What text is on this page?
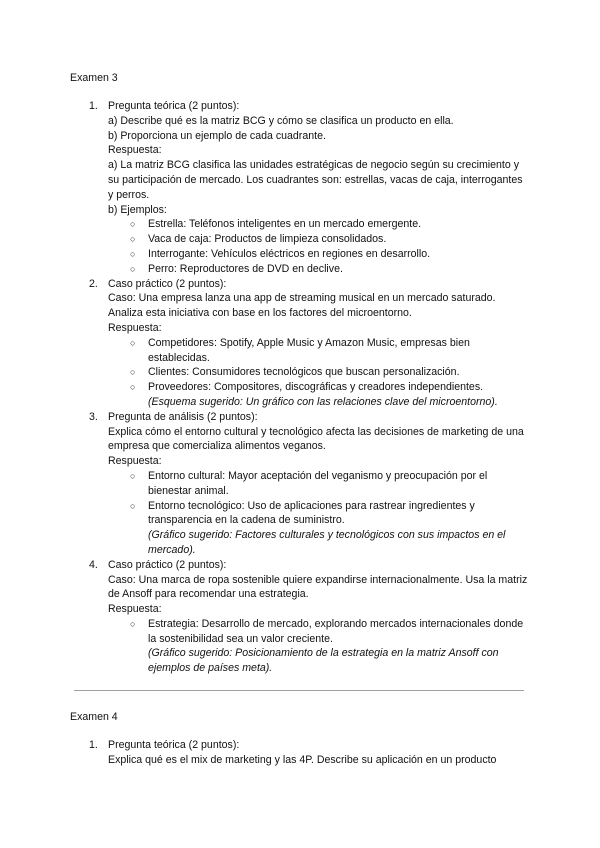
Examen 3
1. Pregunta teórica (2 puntos):
a) Describe qué es la matriz BCG y cómo se clasifica un producto en ella.
b) Proporciona un ejemplo de cada cuadrante.
Respuesta:
a) La matriz BCG clasifica las unidades estratégicas de negocio según su crecimiento y su participación de mercado. Los cuadrantes son: estrellas, vacas de caja, interrogantes y perros.
b) Ejemplos:
○ Estrella: Teléfonos inteligentes en un mercado emergente.
○ Vaca de caja: Productos de limpieza consolidados.
○ Interrogante: Vehículos eléctricos en regiones en desarrollo.
○ Perro: Reproductores de DVD en declive.
2. Caso práctico (2 puntos):
Caso: Una empresa lanza una app de streaming musical en un mercado saturado. Analiza esta iniciativa con base en los factores del microentorno.
Respuesta:
○ Competidores: Spotify, Apple Music y Amazon Music, empresas bien establecidas.
○ Clientes: Consumidores tecnológicos que buscan personalización.
○ Proveedores: Compositores, discográficas y creadores independientes.
(Esquema sugerido: Un gráfico con las relaciones clave del microentorno).
3. Pregunta de análisis (2 puntos):
Explica cómo el entorno cultural y tecnológico afecta las decisiones de marketing de una empresa que comercializa alimentos veganos.
Respuesta:
○ Entorno cultural: Mayor aceptación del veganismo y preocupación por el bienestar animal.
○ Entorno tecnológico: Uso de aplicaciones para rastrear ingredientes y transparencia en la cadena de suministro.
(Gráfico sugerido: Factores culturales y tecnológicos con sus impactos en el mercado).
4. Caso práctico (2 puntos):
Caso: Una marca de ropa sostenible quiere expandirse internacionalmente. Usa la matriz de Ansoff para recomendar una estrategia.
Respuesta:
○ Estrategia: Desarrollo de mercado, explorando mercados internacionales donde la sostenibilidad sea un valor creciente.
(Gráfico sugerido: Posicionamiento de la estrategia en la matriz Ansoff con ejemplos de países meta).
Examen 4
1. Pregunta teórica (2 puntos):
Explica qué es el mix de marketing y las 4P. Describe su aplicación en un producto
